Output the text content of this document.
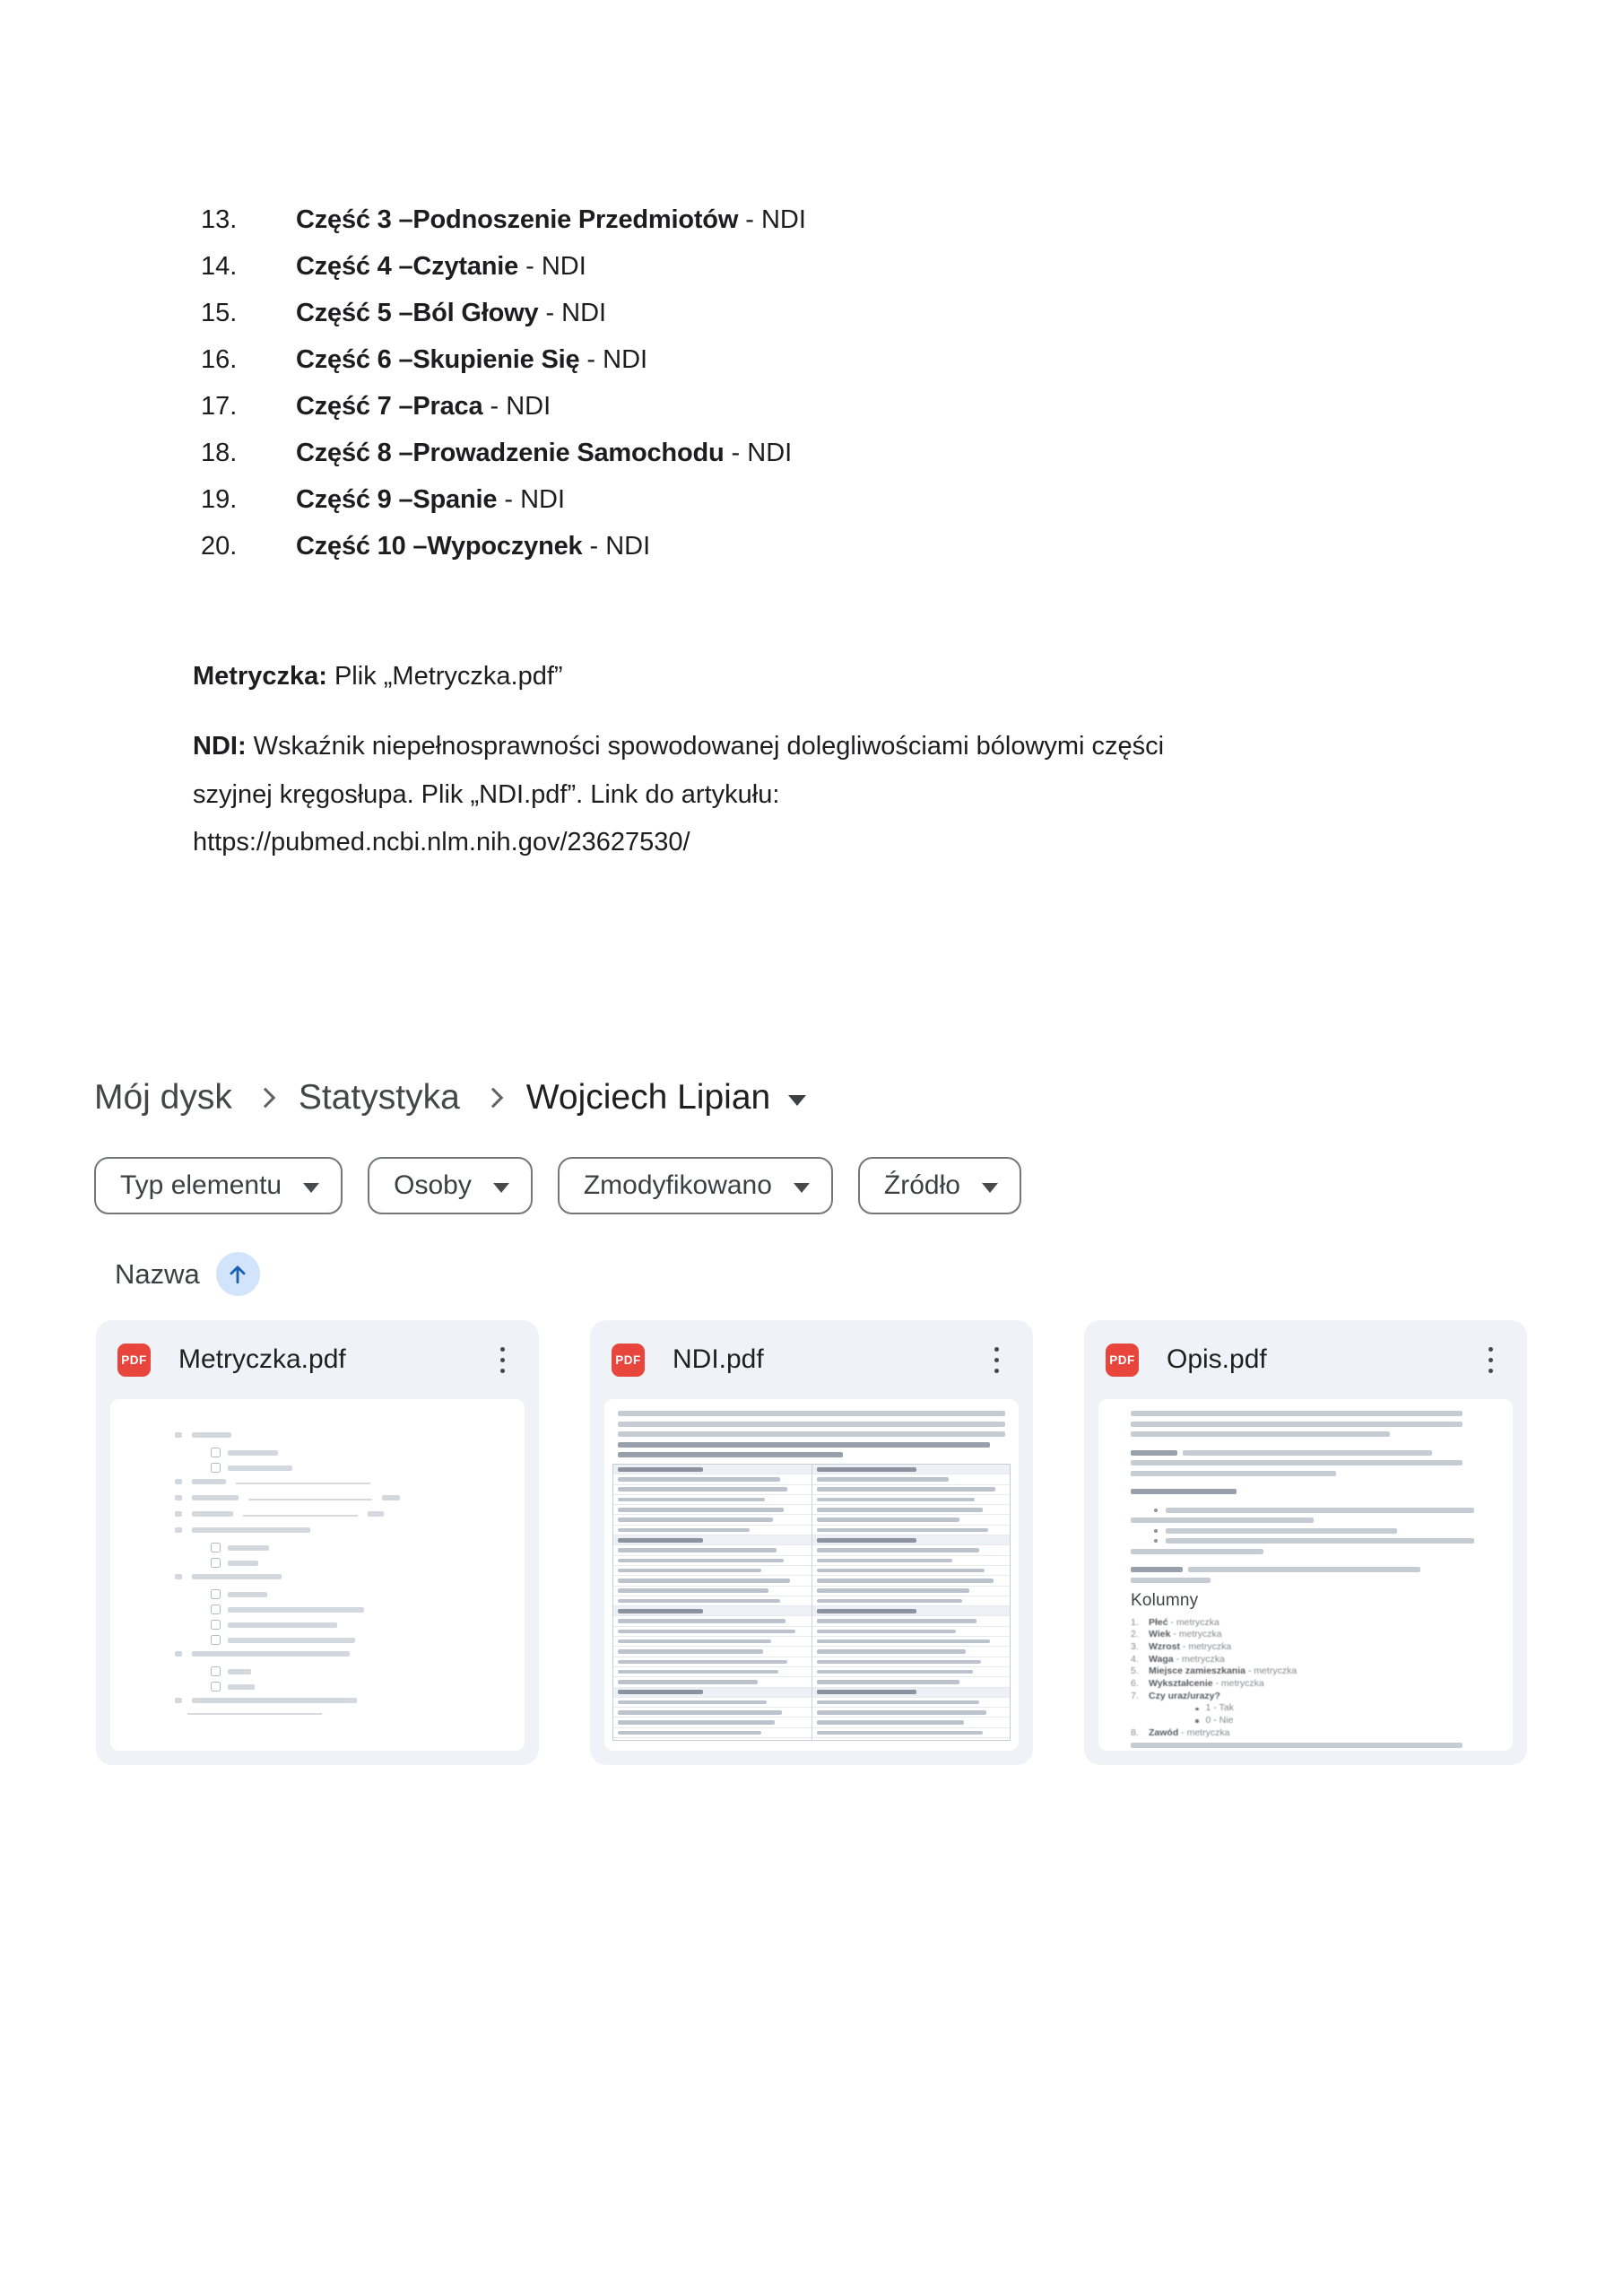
13.	Część 3 –Podnoszenie Przedmiotów - NDI
14.	Część 4 –Czytanie - NDI
15.	Część 5 –Ból Głowy - NDI
16.	Część 6 –Skupienie Się - NDI
17.	Część 7 –Praca - NDI
18.	Część 8 –Prowadzenie Samochodu - NDI
19.	Część 9 –Spanie - NDI
20.	Część 10 –Wypoczynek - NDI
Metryczka: Plik „Metryczka.pdf”
NDI: Wskaźnik niepełnosprawności spowodowanej dolegliwościami bólowymi części
szyjnej kręgosłupa. Plik „NDI.pdf”. Link do artykułu:
https://pubmed.ncbi.nlm.nih.gov/23627530/
Mój dysk Statystyka Wojciech Lipian
Typ elementu	Osoby	Zmodyfikowano	Źródło
Nazwa
PDF Metryczka.pdf	PDF NDI.pdf	PDF Opis.pdf
Kolumny
1.	Płeć - metryczka
2.	Wiek - metryczka
3.	Wzrost - metryczka
4.	Waga - metryczka
5.	Miejsce zamieszkania - metryczka
6.	Wykształcenie - metryczka
7.	Czy uraz/urazy?
1 - Tak
0 - Nie
8.	Zawód - metryczka
